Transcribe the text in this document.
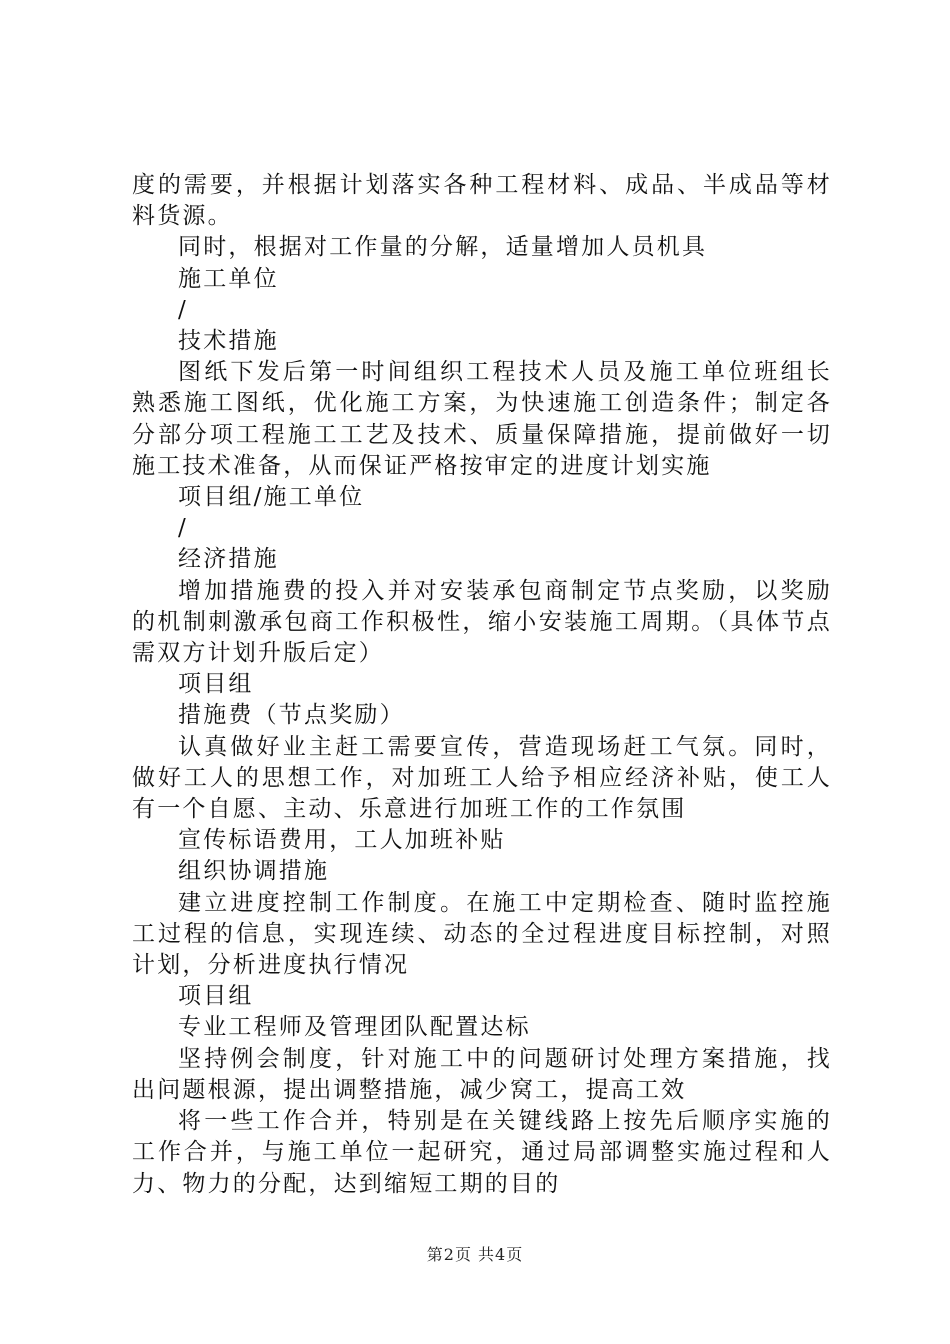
度的需要，并根据计划落实各种工程材料、成品、半成品等材料货源。

同时，根据对工作量的分解，适量增加人员机具

施工单位

/

技术措施

图纸下发后第一时间组织工程技术人员及施工单位班组长熟悉施工图纸，优化施工方案，为快速施工创造条件；制定各分部分项工程施工工艺及技术、质量保障措施，提前做好一切施工技术准备，从而保证严格按审定的进度计划实施

项目组/施工单位

/

经济措施

增加措施费的投入并对安装承包商制定节点奖励，以奖励的机制刺激承包商工作积极性，缩小安装施工周期。（具体节点需双方计划升版后定）

项目组

措施费（节点奖励）

认真做好业主赶工需要宣传，营造现场赶工气氛。同时，做好工人的思想工作，对加班工人给予相应经济补贴，使工人有一个自愿、主动、乐意进行加班工作的工作氛围

宣传标语费用，工人加班补贴

组织协调措施

建立进度控制工作制度。在施工中定期检查、随时监控施工过程的信息，实现连续、动态的全过程进度目标控制，对照计划，分析进度执行情况

项目组

专业工程师及管理团队配置达标

坚持例会制度，针对施工中的问题研讨处理方案措施，找出问题根源，提出调整措施，减少窝工，提高工效

将一些工作合并，特别是在关键线路上按先后顺序实施的工作合并，与施工单位一起研究，通过局部调整实施过程和人力、物力的分配，达到缩短工期的目的

第2页 共4页
